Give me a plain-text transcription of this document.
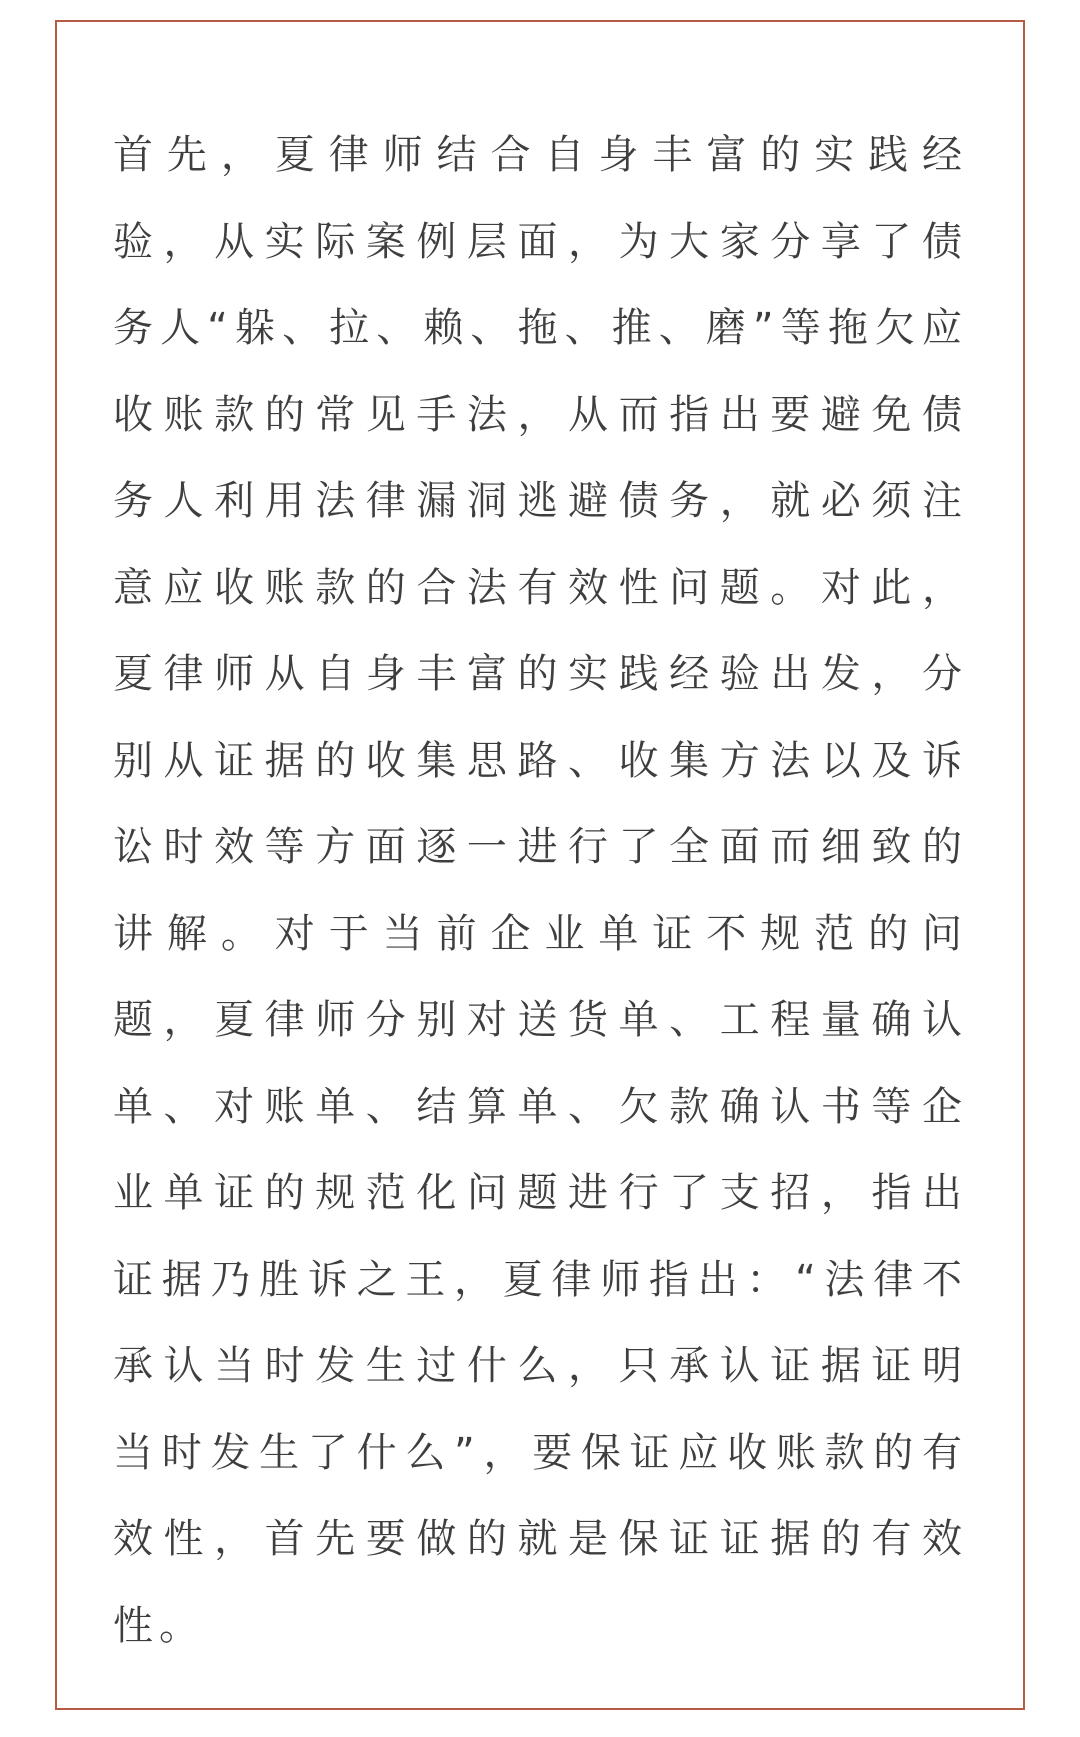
首先，夏律师结合自身丰富的实践经
验，从实际案例层面，为大家分享了债
务人“躲、拉、赖、拖、推、磨”等拖欠应
收账款的常见手法，从而指出要避免债
务人利用法律漏洞逃避债务，就必须注
意应收账款的合法有效性问题。对此，
夏律师从自身丰富的实践经验出发，分
别从证据的收集思路、收集方法以及诉
讼时效等方面逐一进行了全面而细致的
讲解。对于当前企业单证不规范的问
题，夏律师分别对送货单、工程量确认
单、对账单、结算单、欠款确认书等企
业单证的规范化问题进行了支招，指出
证据乃胜诉之王，夏律师指出：“法律不
承认当时发生过什么，只承认证据证明
当时发生了什么”，要保证应收账款的有
效性，首先要做的就是保证证据的有效
性。
